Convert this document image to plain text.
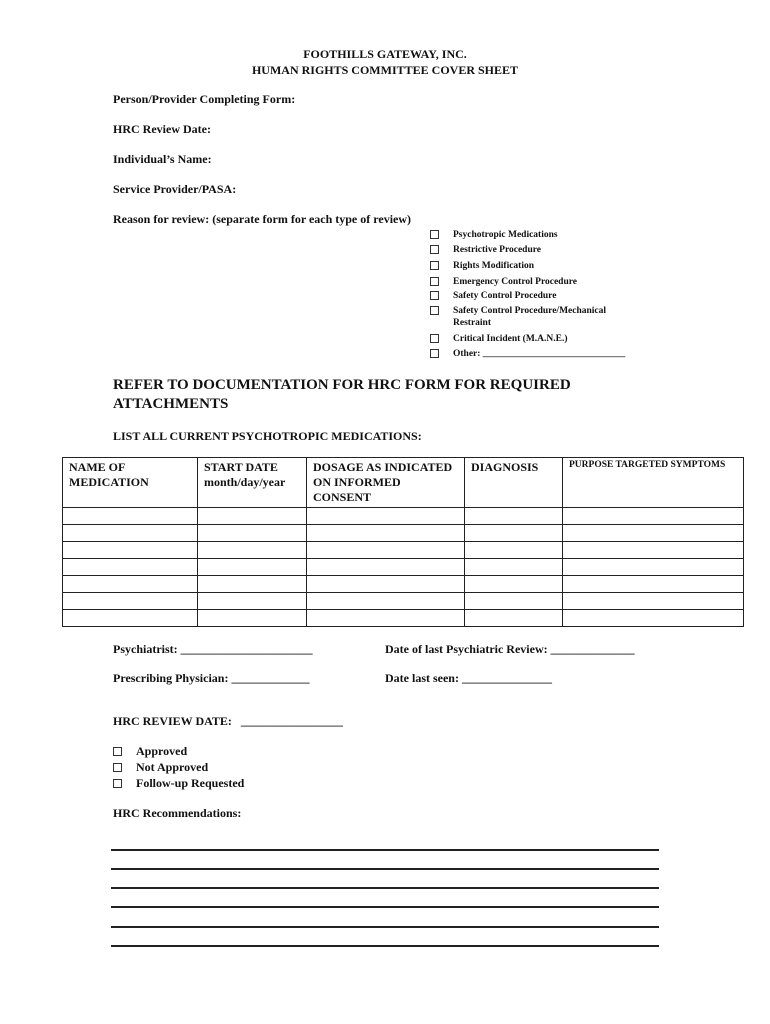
FOOTHILLS GATEWAY, INC.
HUMAN RIGHTS COMMITTEE COVER SHEET
Person/Provider Completing Form:
HRC Review Date:
Individual’s Name:
Service Provider/PASA:
Reason for review: (separate form for each type of review)
Psychotropic Medications
Restrictive Procedure
Rights Modification
Emergency Control Procedure
Safety Control Procedure
Safety Control Procedure/Mechanical Restraint
Critical Incident (M.A.N.E.)
Other: ______________________________
REFER TO DOCUMENTATION FOR HRC FORM FOR REQUIRED ATTACHMENTS
LIST ALL CURRENT PSYCHOTROPIC MEDICATIONS:
NAME OF MEDICATION	START DATE month/day/year	DOSAGE AS INDICATED ON INFORMED CONSENT	DIAGNOSIS	PURPOSE TARGETED SYMPTOMS

Psychiatrist: ______________________	Date of last Psychiatric Review: ______________
Prescribing Physician: _____________	Date last seen: _______________
HRC REVIEW DATE:   _________________
Approved
Not Approved
Follow-up Requested
HRC Recommendations:
